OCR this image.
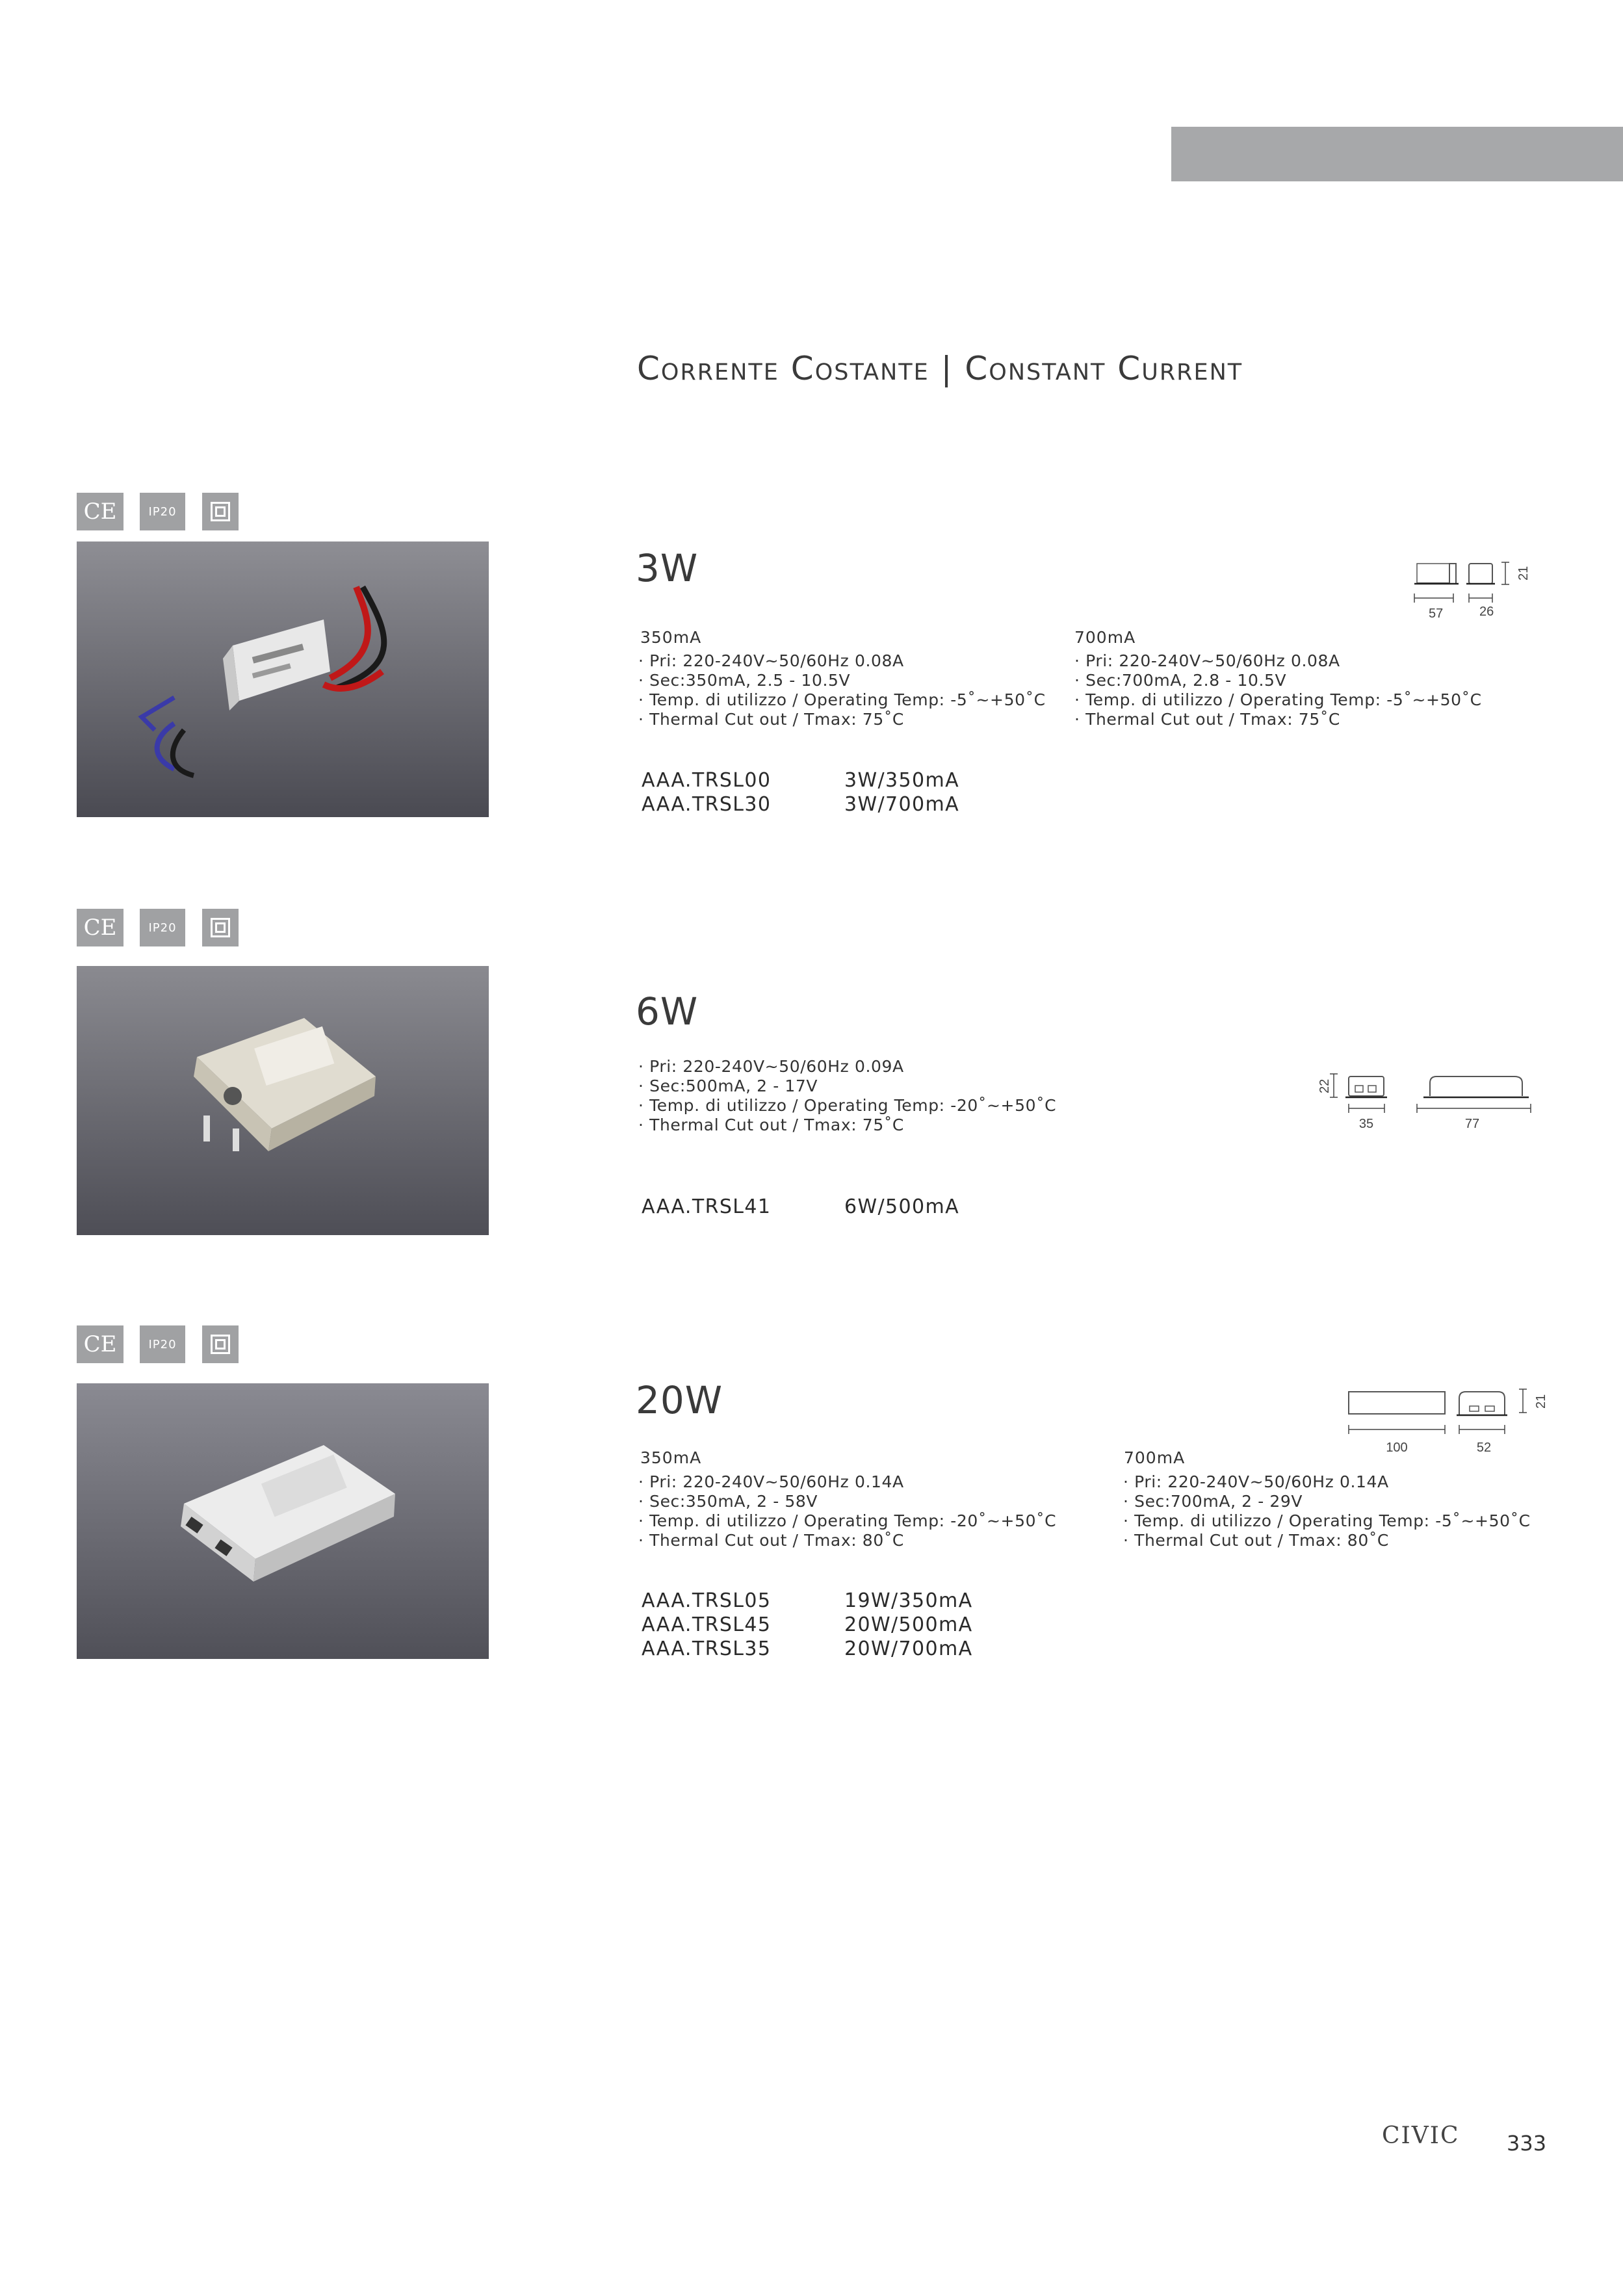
Corrente Costante | Constant Current
CE	IP20
3W
350mA
· Pri: 220-240V~50/60Hz 0.08A
· Sec:350mA, 2.5 - 10.5V
· Temp. di utilizzo / Operating Temp: -5˚~+50˚C
· Thermal Cut out / Tmax: 75˚C
700mA
· Pri: 220-240V~50/60Hz 0.08A
· Sec:700mA, 2.8 - 10.5V
· Temp. di utilizzo / Operating Temp: -5˚~+50˚C
· Thermal Cut out / Tmax: 75˚C
AAA.TRSL00	3W/350mA
AAA.TRSL30	3W/700mA
57	26
21
CE	IP20
6W
· Pri: 220-240V~50/60Hz 0.09A
· Sec:500mA, 2 - 17V
· Temp. di utilizzo / Operating Temp: -20˚~+50˚C
· Thermal Cut out / Tmax: 75˚C
AAA.TRSL41	6W/500mA
22
35	77
CE	IP20
20W
350mA
· Pri: 220-240V~50/60Hz 0.14A
· Sec:350mA, 2 - 58V
· Temp. di utilizzo / Operating Temp: -20˚~+50˚C
· Thermal Cut out / Tmax: 80˚C
700mA
· Pri: 220-240V~50/60Hz 0.14A
· Sec:700mA, 2 - 29V
· Temp. di utilizzo / Operating Temp: -5˚~+50˚C
· Thermal Cut out / Tmax: 80˚C
AAA.TRSL05	19W/350mA
AAA.TRSL45	20W/500mA
AAA.TRSL35	20W/700mA
100	52
21
CIVIC 333
